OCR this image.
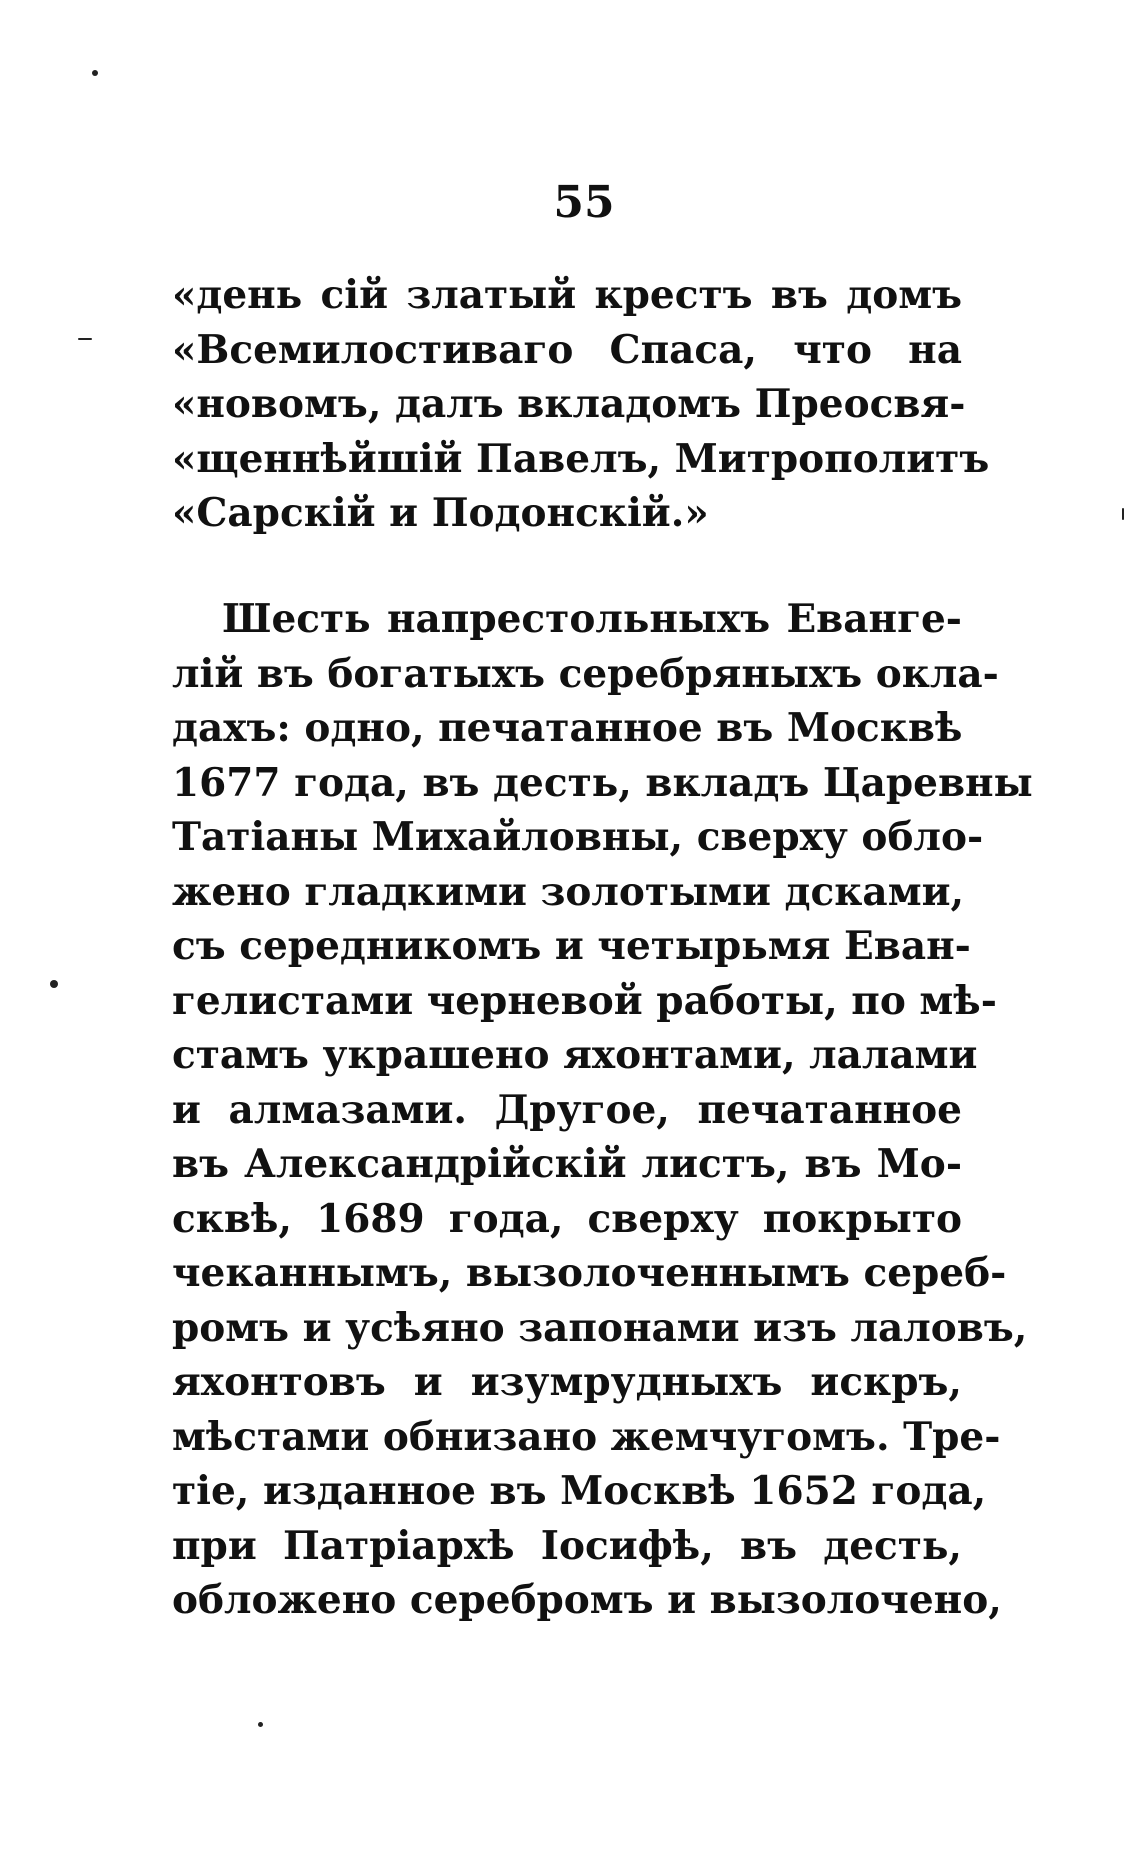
55
«день сій златый крестъ въ домъ
«Всемилостиваго Спаса, что на
«новомъ, далъ вкладомъ Преосвя-
«щеннѣйшій Павелъ, Митрополитъ
«Сарскій и Подонскій.»
Шесть напрестольныхъ Еванге-
лій въ богатыхъ серебряныхъ окла-
дахъ: одно, печатанное въ Москвѣ
1677 года, въ десть, вкладъ Царевны
Татіаны Михайловны, сверху обло-
жено гладкими золотыми дсками,
съ середникомъ и четырьмя Еван-
гелистами черневой работы, по мѣ-
стамъ украшено яхонтами, лалами
и алмазами. Другое, печатанное
въ Александрійскій листъ, въ Мо-
сквѣ, 1689 года, сверху покрыто
чеканнымъ, вызолоченнымъ сереб-
ромъ и усѣяно запонами изъ лаловъ,
яхонтовъ и изумрудныхъ искръ,
мѣстами обнизано жемчугомъ. Тре-
тіе, изданное въ Москвѣ 1652 года,
при Патріархѣ Іосифѣ, въ десть,
обложено серебромъ и вызолочено,
